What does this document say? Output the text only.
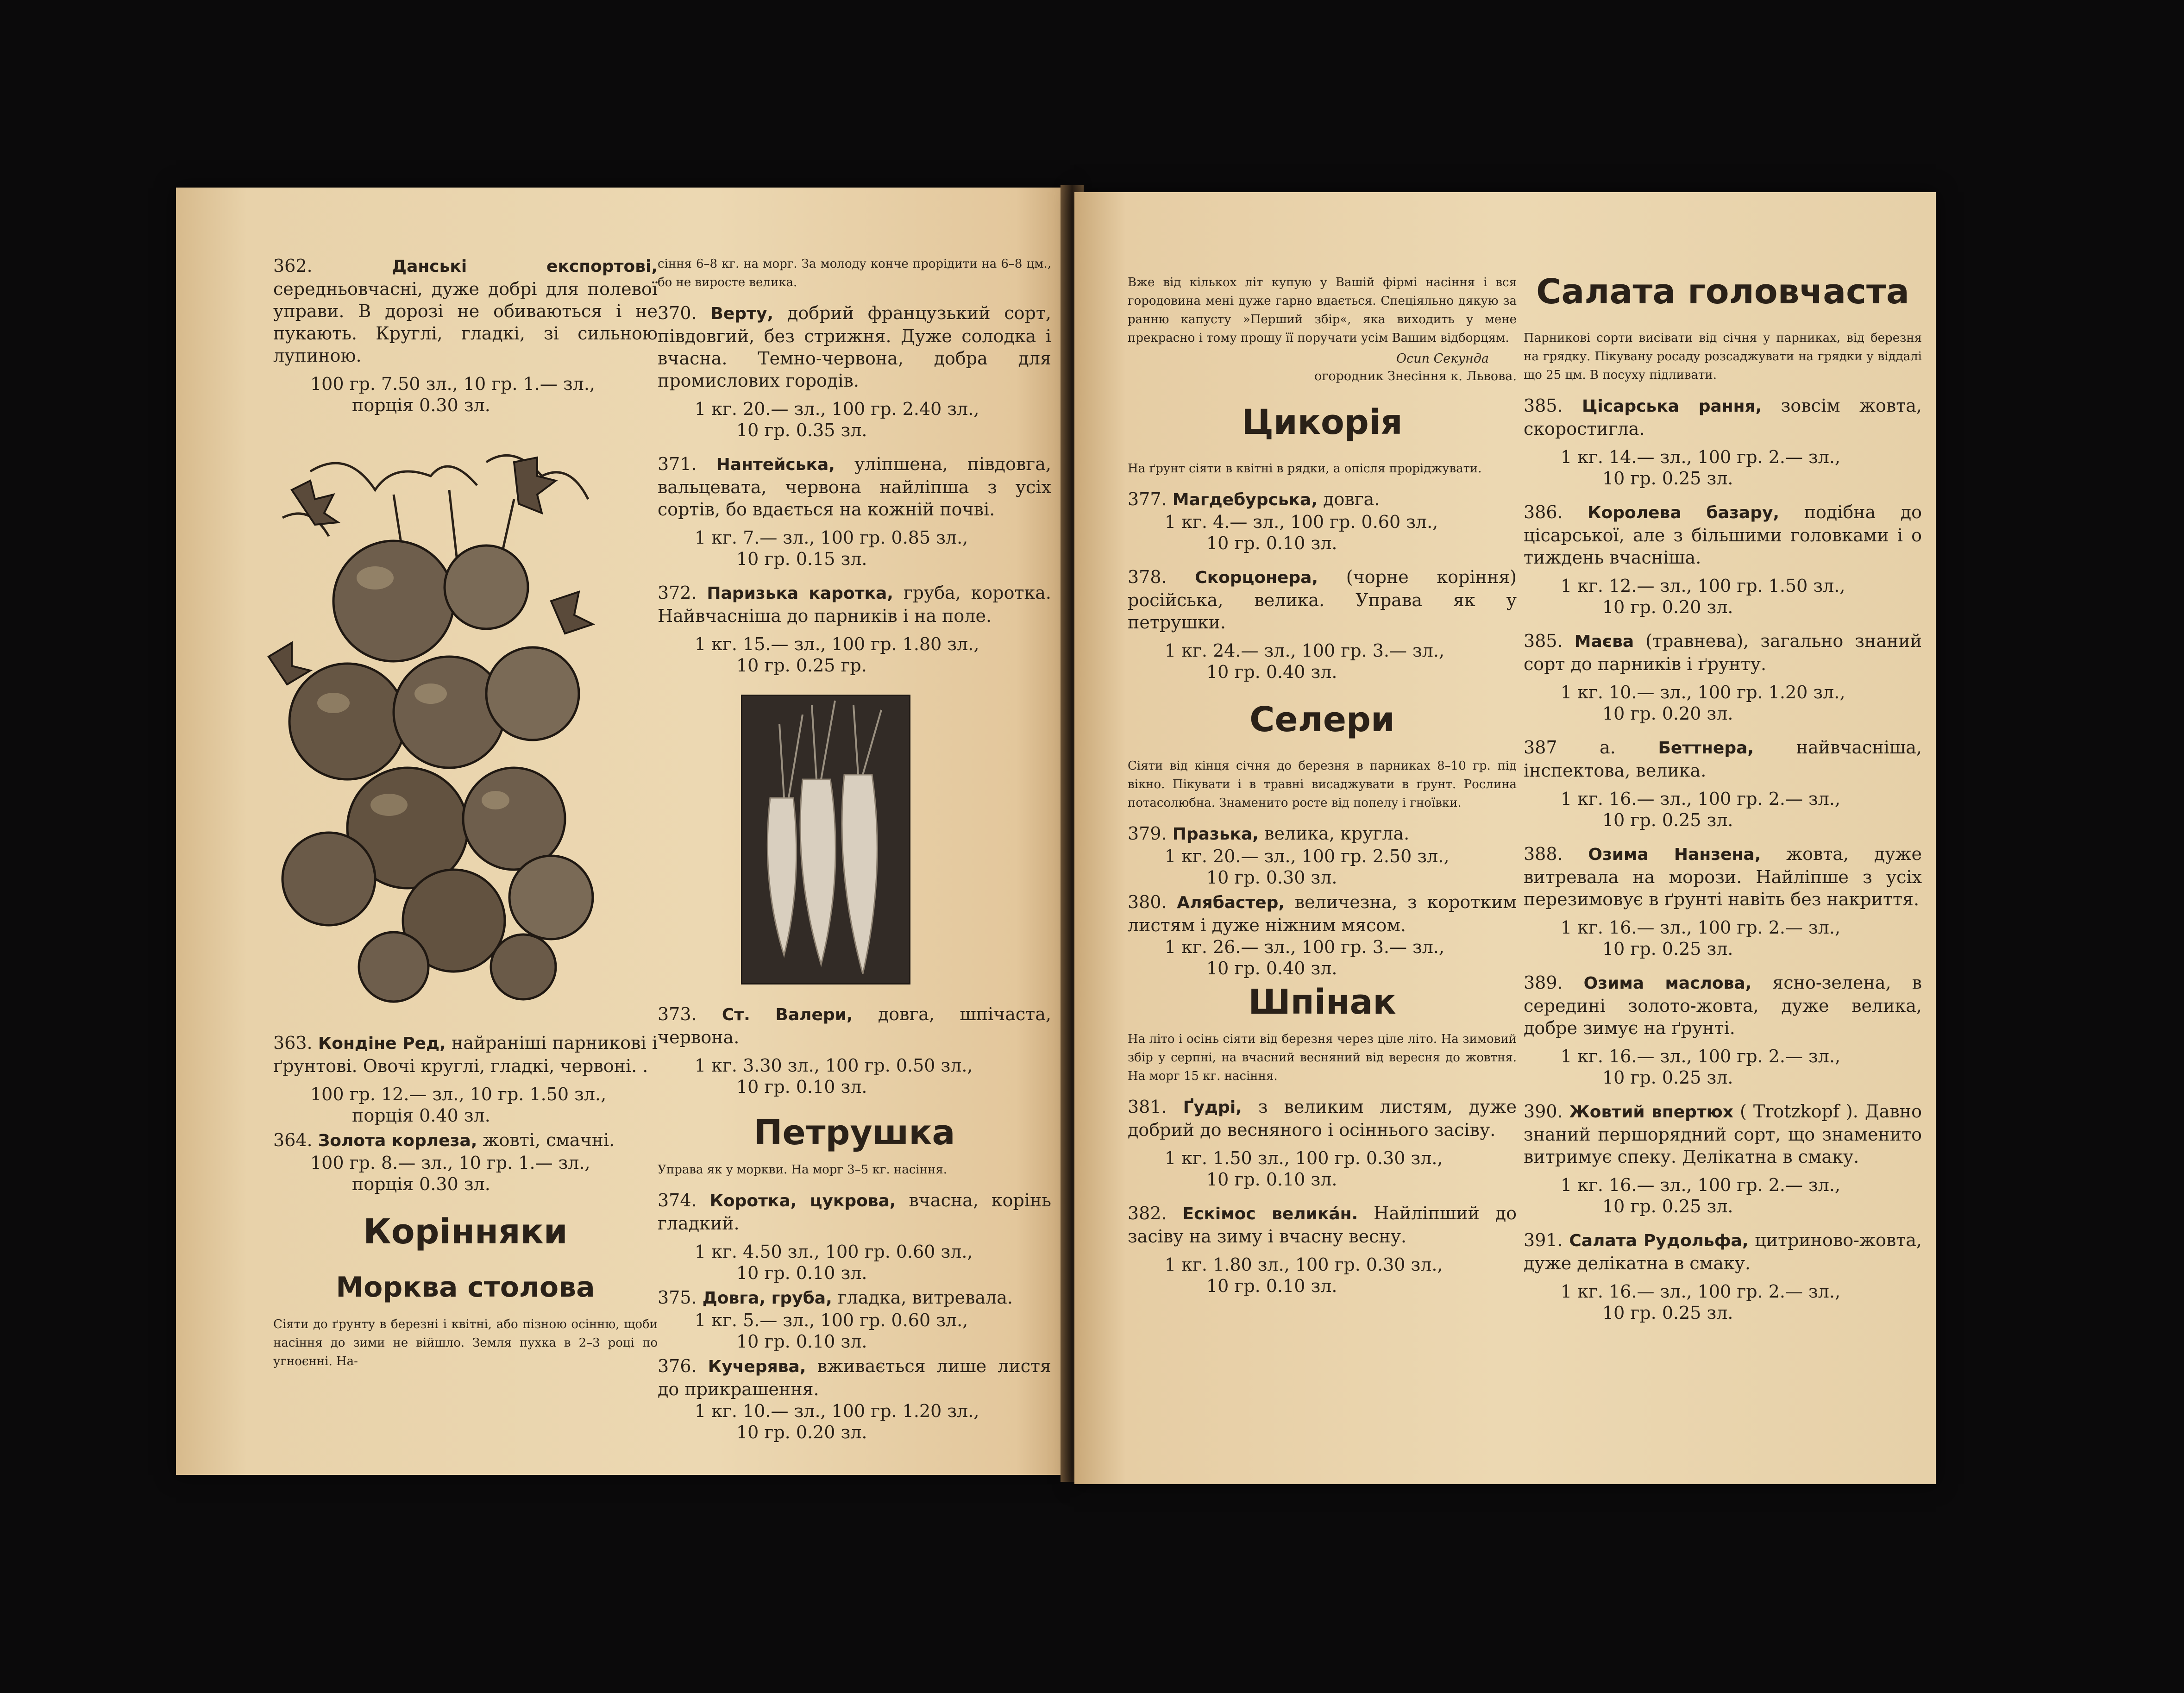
362.	Данські експортові, середньовчасні, дуже добрі для полевої управи. В дорозі не обиваються і не пукають. Круглі, гладкі, зі сильною лупиною.

100 гр. 7.50 зл., 10 гр. 1.— зл.,

порція 0.30 зл.

363. Кондіне Ред, найраніші парникові і ґрунтові. Овочі круглі, гладкі, червоні. .

100 гр. 12.— зл., 10 гр. 1.50 зл.,

порція 0.40 зл.

364. Золота корлеза, жовті, смачні.

100 гр. 8.— зл., 10 гр. 1.— зл.,

порція 0.30 зл.

Корінняки

Морква столова

Сіяти до ґрунту в березні і квітні, або пізною осінню, щоби насіння до зими не війшло. Земля пухка в 2–3 році по угноєнні. На-

сіння 6–8 кг. на морг. За молоду конче прорідити на 6–8 цм., бо не виросте велика.

370. Верту, добрий французький сорт, півдовгий, без стрижня. Дуже солодка і вчасна. Темно-червона, добра для промислових городів.

1 кг. 20.— зл., 100 гр. 2.40 зл.,

10 гр. 0.35 зл.

371. Нантейська, уліпшена, півдовга, вальцевата, червона найліпша з усіх сортів, бо вдається на кожній почві.

1 кг. 7.— зл., 100 гр. 0.85 зл.,

10 гр. 0.15 зл.

372. Паризька каротка, груба, коротка. Найвчасніша до парників і на поле.

1 кг. 15.— зл., 100 гр. 1.80 зл.,

10 гр. 0.25 гр.

373. Ст. Валери, довга, шпічаста, червона.

1 кг. 3.30 зл., 100 гр. 0.50 зл.,

10 гр. 0.10 зл.

Петрушка

Управа як у моркви. На морг 3–5 кг. насіння.

374. Коротка, цукрова, вчасна, корінь гладкий.

1 кг. 4.50 зл., 100 гр. 0.60 зл.,

10 гр. 0.10 зл.

375. Довга, груба, гладка, витревала.

1 кг. 5.— зл., 100 гр. 0.60 зл.,

10 гр. 0.10 зл.

376. Кучерява, вживається лише листя до прикрашення.

1 кг. 10.— зл., 100 гр. 1.20 зл.,

10 гр. 0.20 зл.

Вже від кількох літ купую у Вашій фірмі насіння і вся городовина мені дуже гарно вдається. Спеціяльно дякую за ранню капусту »Перший збір«, яка виходить у мене прекрасно і тому прошу її поручати усім Вашим відборцям.

Осип Секунда

огородник Знесіння к. Львова.

Цикорія

На ґрунт сіяти в квітні в рядки, а опісля проріджувати.

377. Магдебурська, довга.

1 кг. 4.— зл., 100 гр. 0.60 зл.,

10 гр. 0.10 зл.

378. Скорцонера, (чорне коріння) російська, велика. Управа як у петрушки.

1 кг. 24.— зл., 100 гр. 3.— зл.,

10 гр. 0.40 зл.

Селери

Сіяти від кінця січня до березня в парниках 8–10 гр. під вікно. Пікувати і в травні висаджувати в ґрунт. Рослина потасолюбна. Знаменито росте від попелу і гноївки.

379. Празька, велика, кругла.

1 кг. 20.— зл., 100 гр. 2.50 зл.,

10 гр. 0.30 зл.

380. Алябастер, величезна, з коротким листям і дуже ніжним мясом.

1 кг. 26.— зл., 100 гр. 3.— зл.,

10 гр. 0.40 зл.

Шпінак

На літо і осінь сіяти від березня через ціле літо. На зимовий збір у серпні, на вчасний весняний від вересня до жовтня. На морг 15 кг. насіння.

381. Ґудрі, з великим листям, дуже добрий до весняного і осіннього засіву.

1 кг. 1.50 зл., 100 гр. 0.30 зл.,

10 гр. 0.10 зл.

382. Ескімос велика́н. Найліпший до засіву на зиму і вчасну весну.

1 кг. 1.80 зл., 100 гр. 0.30 зл.,

10 гр. 0.10 зл.

Салата головчаста

Парникові сорти висівати від січня у парниках, від березня на грядку. Пікувану росаду розсаджувати на грядки у віддалі що 25 цм. В посуху підливати.

385. Цісарська рання, зовсім жовта, скоростигла.

1 кг. 14.— зл., 100 гр. 2.— зл.,

10 гр. 0.25 зл.

386. Королева базару, подібна до цісарської, але з більшими головками і о тиждень вчасніша.

1 кг. 12.— зл., 100 гр. 1.50 зл.,

10 гр. 0.20 зл.

385. Маєва (травнева), загально знаний сорт до парників і ґрунту.

1 кг. 10.— зл., 100 гр. 1.20 зл.,

10 гр. 0.20 зл.

387 а.	Беттнера, найвчасніша, інспектова, велика.

1 кг. 16.— зл., 100 гр. 2.— зл.,

10 гр. 0.25 зл.

388. Озима Нанзена, жовта, дуже витревала на морози. Найліпше з усіх перезимовує в ґрунті навіть без накриття.

1 кг. 16.— зл., 100 гр. 2.— зл.,

10 гр. 0.25 зл.

389. Озима маслова, ясно-зелена, в середині золото-жовта, дуже велика, добре зимує на ґрунті.

1 кг. 16.— зл., 100 гр. 2.— зл.,

10 гр. 0.25 зл.

390. Жовтий впертюх ( Trotzkopf ). Давно знаний першорядний сорт, що знаменито витримує спеку. Делікатна в смаку.

1 кг. 16.— зл., 100 гр. 2.— зл.,

10 гр. 0.25 зл.

391. Салата Рудольфа, цитриново-жовта, дуже делікатна в смаку.

1 кг. 16.— зл., 100 гр. 2.— зл.,

10 гр. 0.25 зл.
